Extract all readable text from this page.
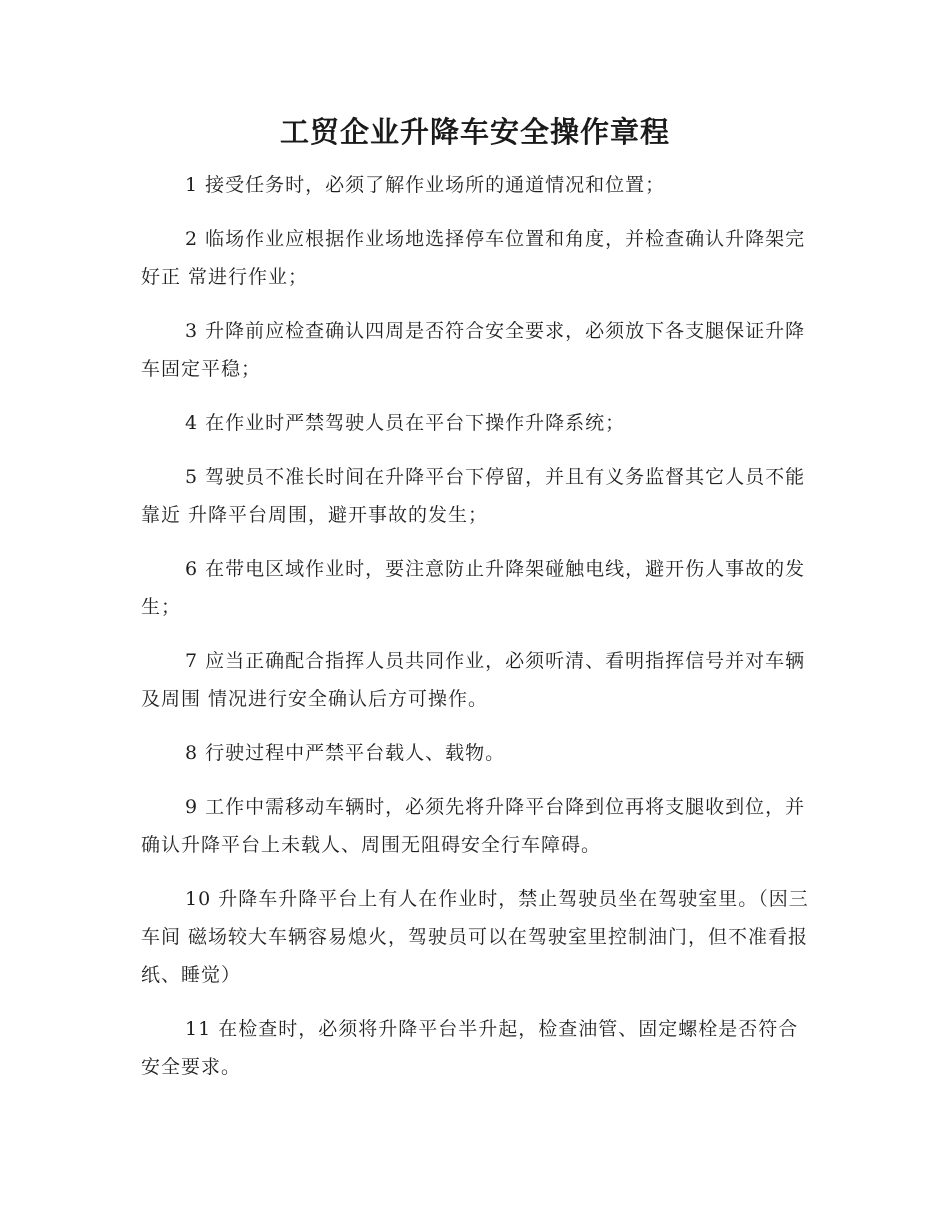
工贸企业升降车安全操作章程

1 接受任务时，必须了解作业场所的通道情况和位置；

2 临场作业应根据作业场地选择停车位置和角度，并检查确认升降架完好正 常进行作业；

3 升降前应检查确认四周是否符合安全要求，必须放下各支腿保证升降车固定平稳；

4 在作业时严禁驾驶人员在平台下操作升降系统；

5 驾驶员不准长时间在升降平台下停留，并且有义务监督其它人员不能靠近 升降平台周围，避开事故的发生；

6 在带电区域作业时，要注意防止升降架碰触电线，避开伤人事故的发生；

7 应当正确配合指挥人员共同作业，必须听清、看明指挥信号并对车辆及周围 情况进行安全确认后方可操作。

8 行驶过程中严禁平台载人、载物。

9 工作中需移动车辆时，必须先将升降平台降到位再将支腿收到位，并确认升降平台上未载人、周围无阻碍安全行车障碍。

10 升降车升降平台上有人在作业时，禁止驾驶员坐在驾驶室里。（因三车间 磁场较大车辆容易熄火，驾驶员可以在驾驶室里控制油门，但不准看报纸、睡觉）

11 在检查时，必须将升降平台半升起，检查油管、固定螺栓是否符合安全要求。
